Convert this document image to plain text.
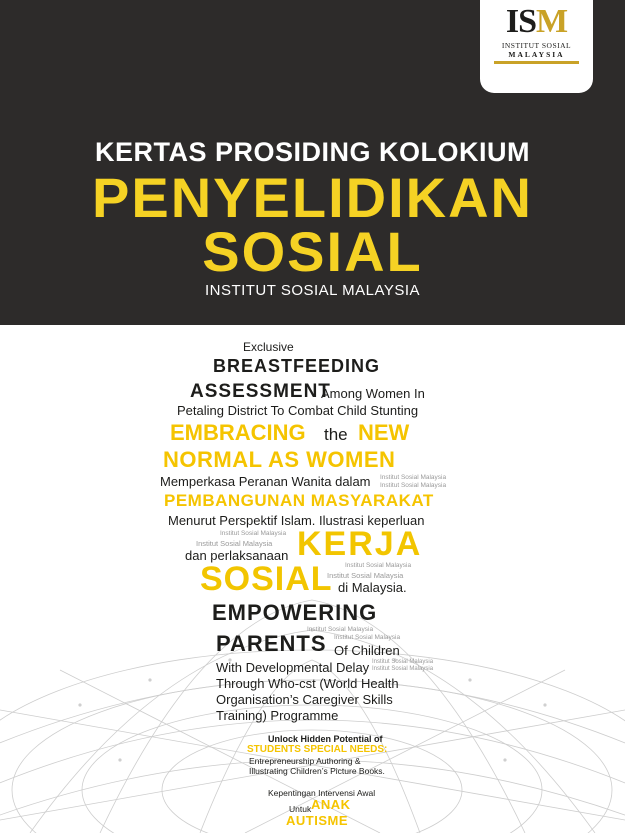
ISM
INSTITUT SOSIAL
MALAYSIA
KERTAS PROSIDING KOLOKIUM
PENYELIDIKAN
SOSIAL
INSTITUT SOSIAL MALAYSIA
Exclusive
BREASTFEEDING
ASSESSMENT
Among Women In
Petaling District To Combat Child Stunting
EMBRACING the NEW
NORMAL AS WOMEN
Memperkasa Peranan Wanita dalam Institut Sosial Malaysia
Institut Sosial Malaysia
PEMBANGUNAN MASYARAKAT
Menurut Perspektif Islam. Ilustrasi keperluan
Institut Sosial Malaysia
Institut Sosial Malaysia
dan perlaksanaan KERJA
SOSIAL Institut Sosial Malaysia
Institut Sosial Malaysia
di Malaysia.
EMPOWERING
Institut Sosial Malaysia
PARENTS Institut Sosial Malaysia
Of Children
With Developmental Delay Institut Sosial Malaysia
Institut Sosial Malaysia
Through Who-cst (World Health
Organisation’s Caregiver Skills
Training) Programme
Unlock Hidden Potential of
STUDENTS SPECIAL NEEDS:
Entrepreneurship Authoring &
Illustrating Children’s Picture Books.
Kepentingan Intervensi Awal
Untuk ANAK
AUTISME
